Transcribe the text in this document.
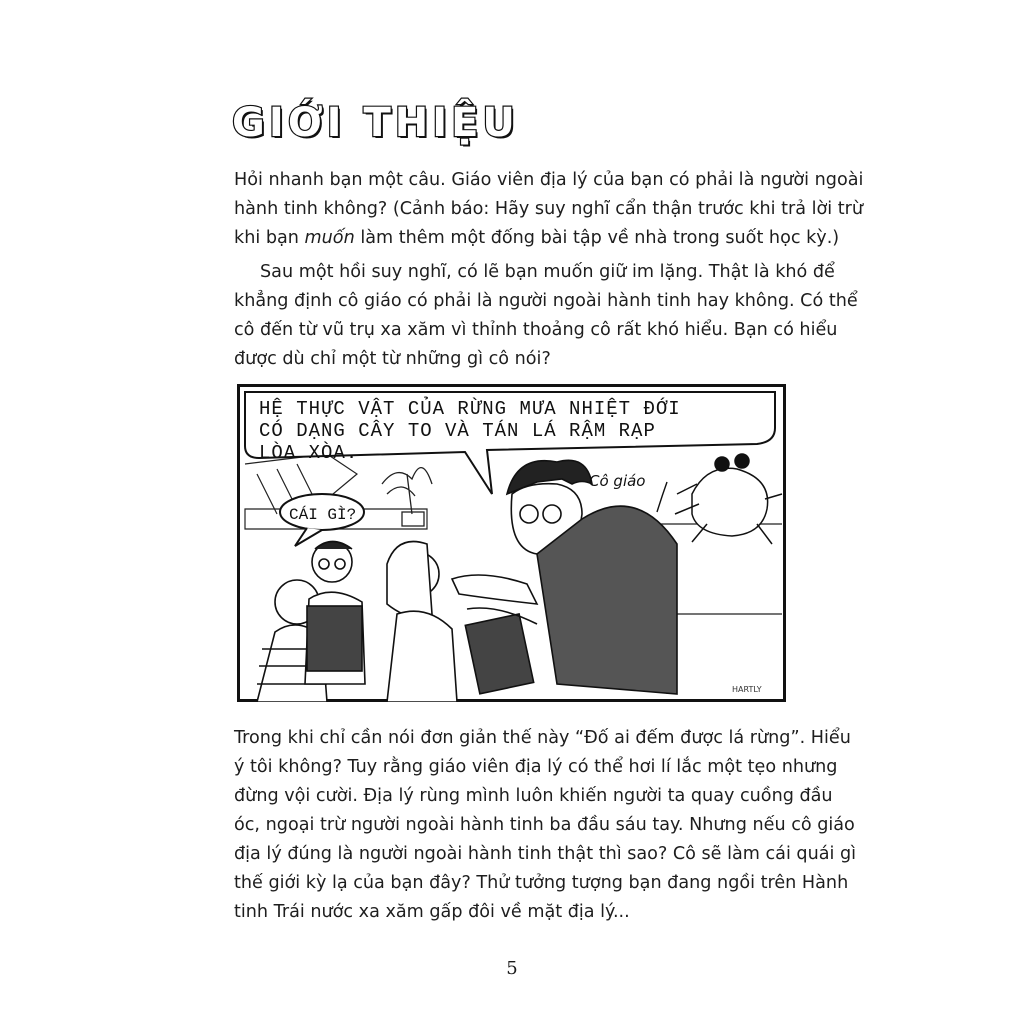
GIỚI THIỆU

Hỏi nhanh bạn một câu. Giáo viên địa lý của bạn có phải là người ngoài
hành tinh không? (Cảnh báo: Hãy suy nghĩ cẩn thận trước khi trả lời trừ
khi bạn muốn làm thêm một đống bài tập về nhà trong suốt học kỳ.)

Sau một hồi suy nghĩ, có lẽ bạn muốn giữ im lặng. Thật là khó để
khẳng định cô giáo có phải là người ngoài hành tinh hay không. Có thể
cô đến từ vũ trụ xa xăm vì thỉnh thoảng cô rất khó hiểu. Bạn có hiểu
được dù chỉ một từ những gì cô nói?

HỆ THỰC VẬT CỦA RỪNG MƯA NHIỆT ĐỚI
CÓ DẠNG CÂY TO VÀ TÁN LÁ RẬM RẠP
LÒA XÒA.
CÁI GÌ?
Cô giáo
HARTLY

Trong khi chỉ cần nói đơn giản thế này “Đố ai đếm được lá rừng”. Hiểu
ý tôi không? Tuy rằng giáo viên địa lý có thể hơi lí lắc một tẹo nhưng
đừng vội cười. Địa lý rùng mình luôn khiến người ta quay cuồng đầu
óc, ngoại trừ người ngoài hành tinh ba đầu sáu tay. Nhưng nếu cô giáo
địa lý đúng là người ngoài hành tinh thật thì sao? Cô sẽ làm cái quái gì
thế giới kỳ lạ của bạn đây? Thử tưởng tượng bạn đang ngồi trên Hành
tinh Trái nước xa xăm gấp đôi về mặt địa lý...

5
